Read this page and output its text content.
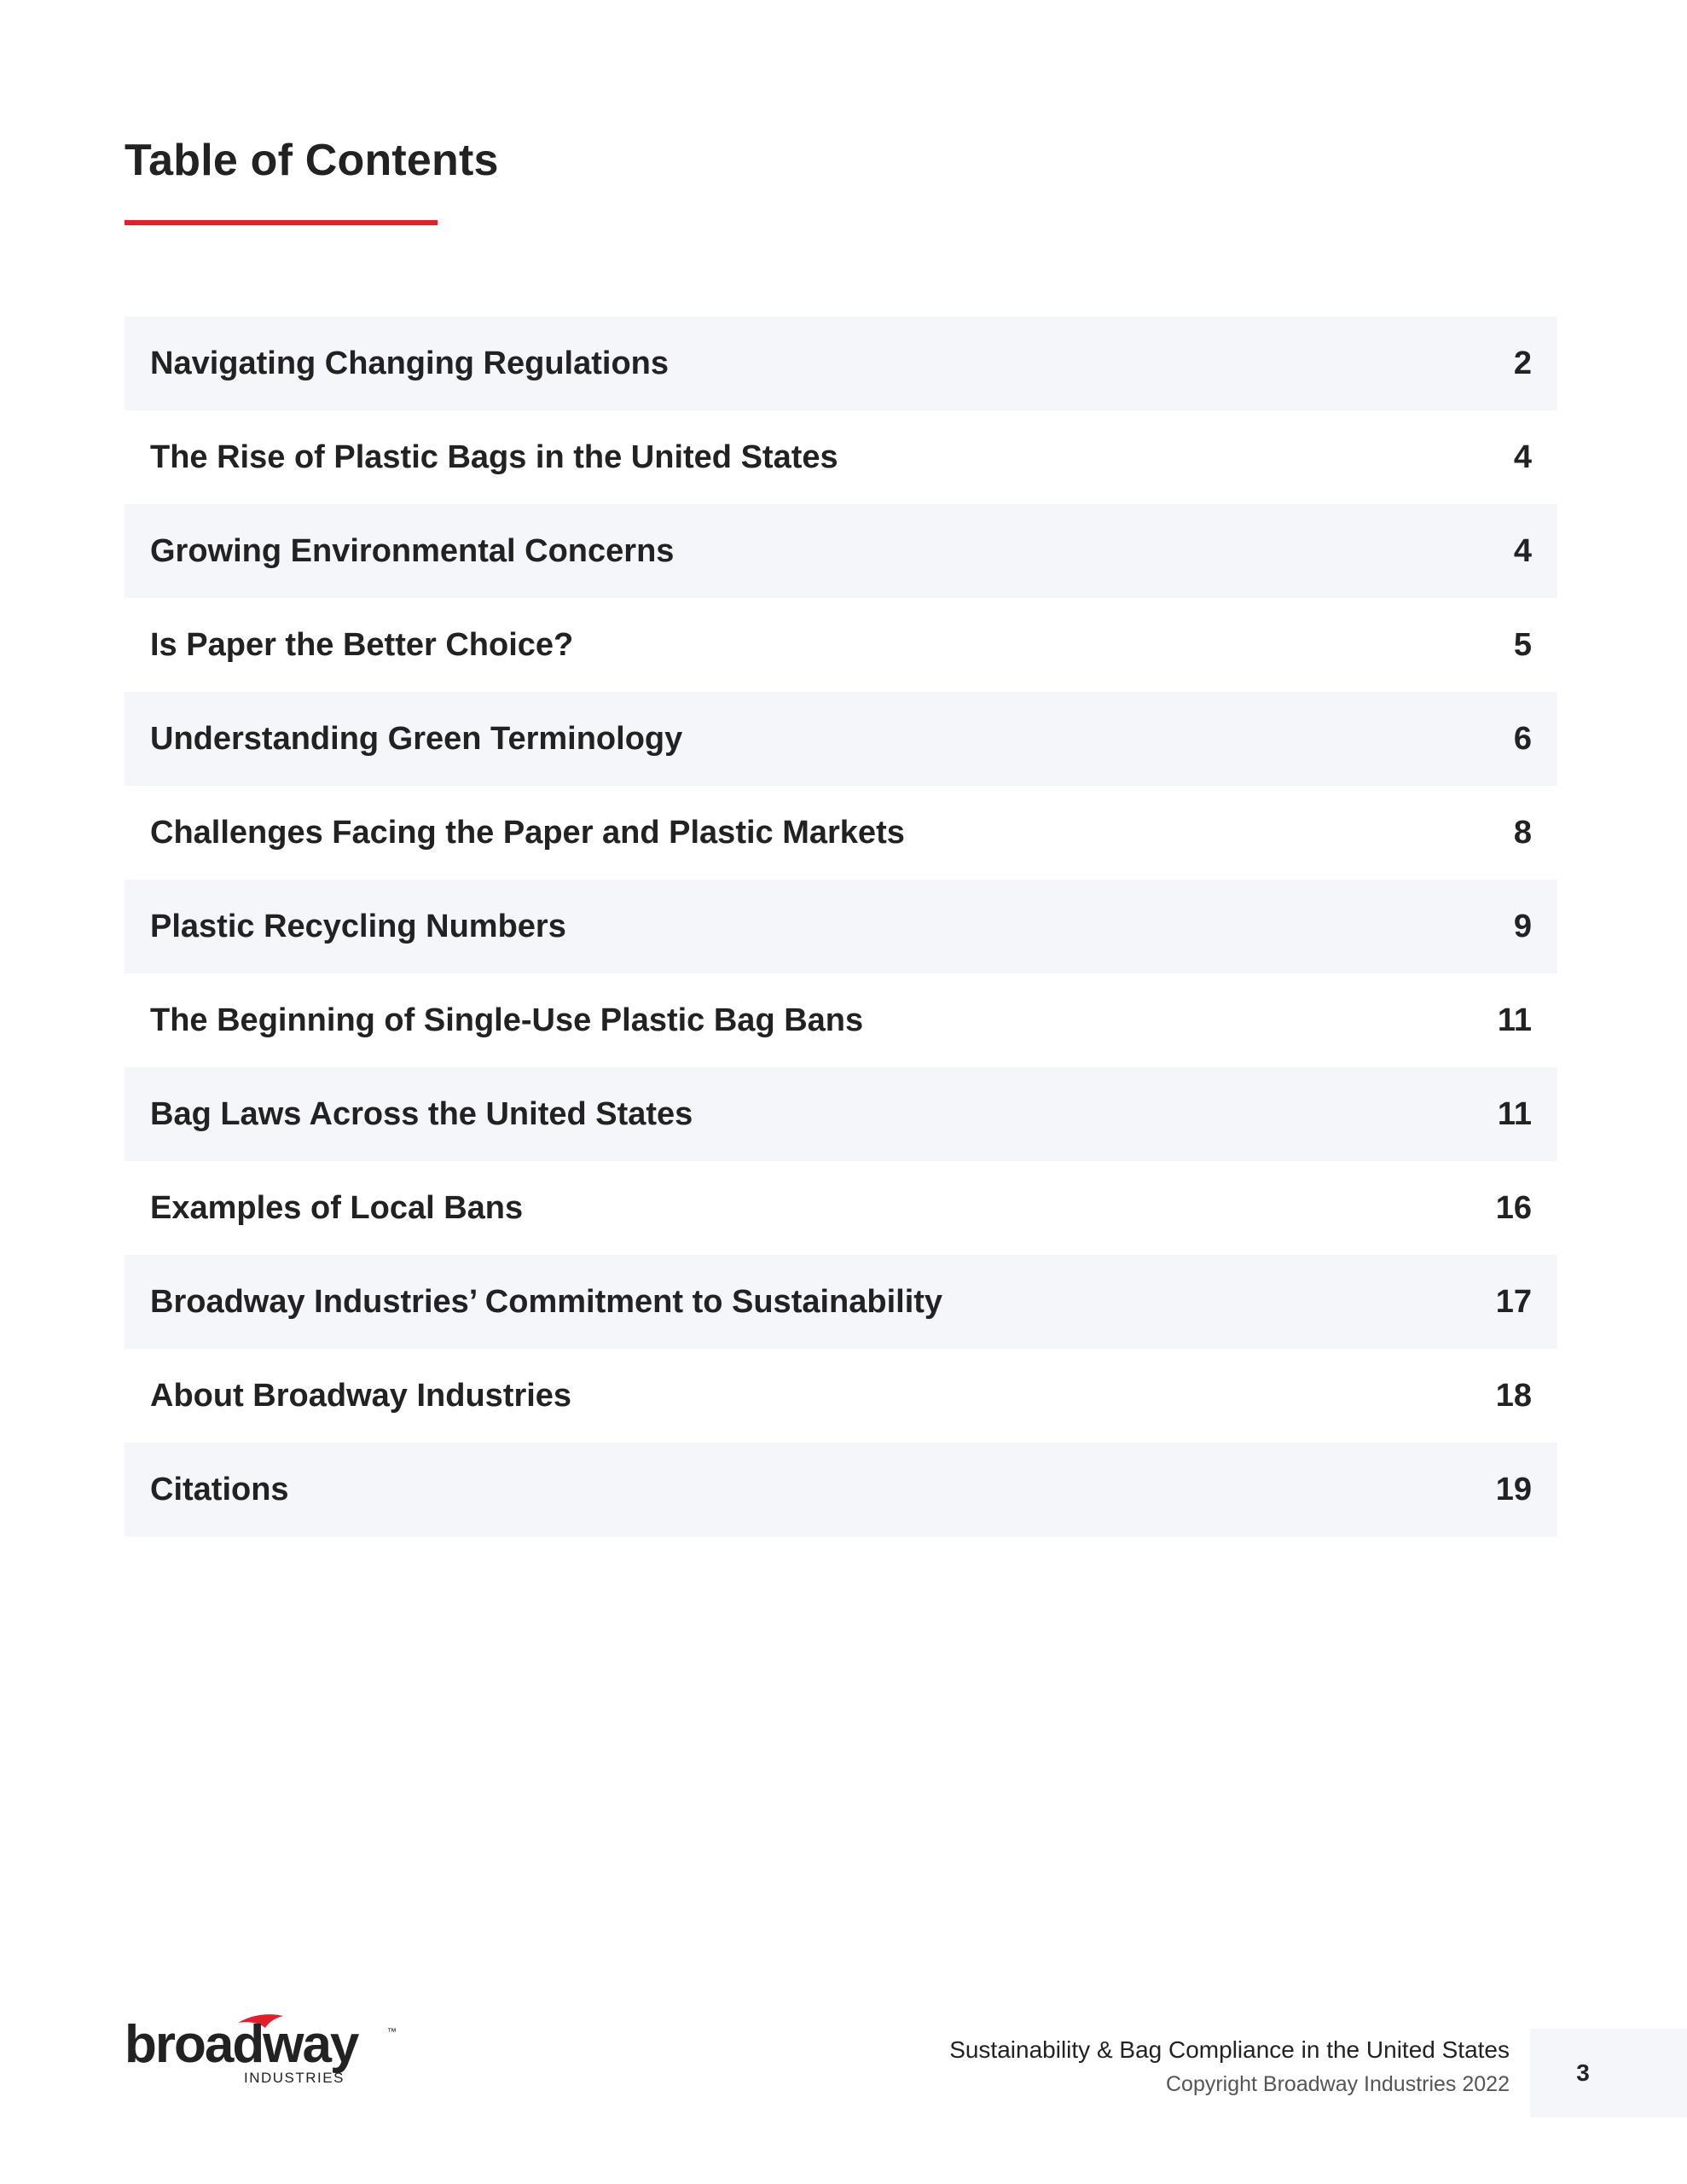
Table of Contents
Navigating Changing Regulations	2
The Rise of Plastic Bags in the United States	4
Growing Environmental Concerns	4
Is Paper the Better Choice?	5
Understanding Green Terminology	6
Challenges Facing the Paper and Plastic Markets	8
Plastic Recycling Numbers	9
The Beginning of Single-Use Plastic Bag Bans	11
Bag Laws Across the United States	11
Examples of Local Bans	16
Broadway Industries’ Commitment to Sustainability	17
About Broadway Industries	18
Citations	19
broadway
INDUSTRIES
™
Sustainability & Bag Compliance in the United States
Copyright Broadway Industries 2022	3
